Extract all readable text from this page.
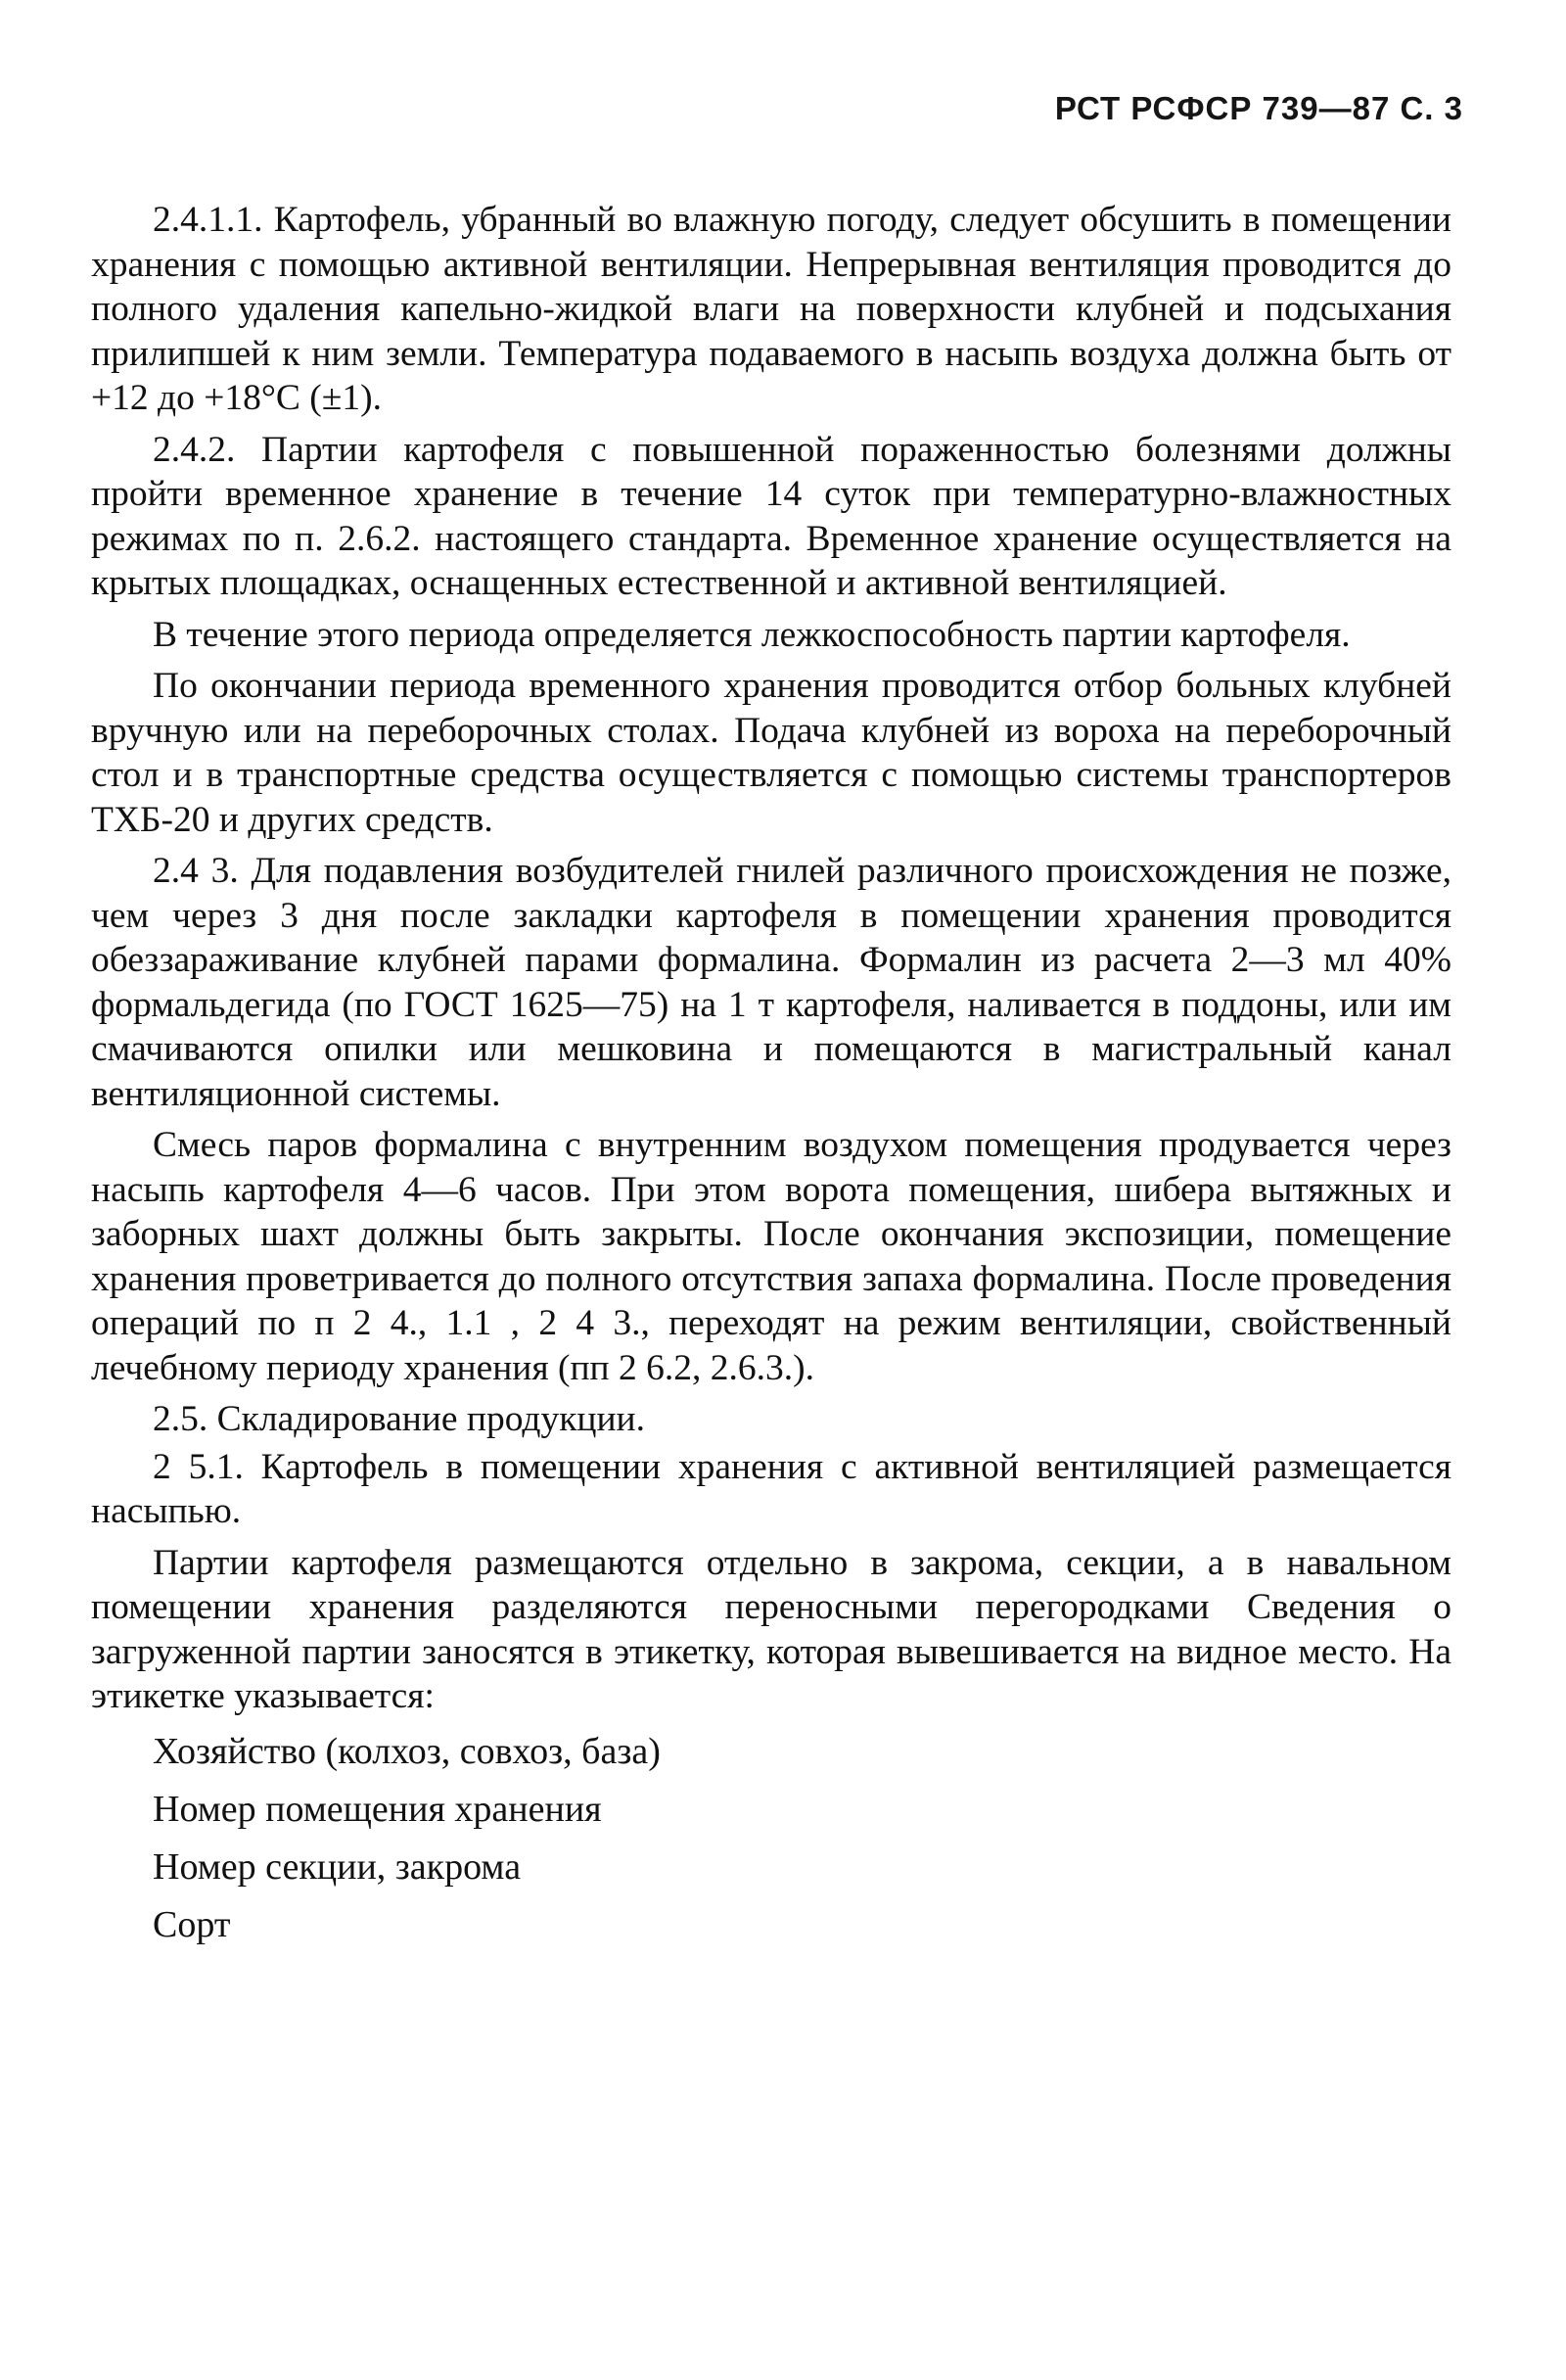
РСТ РСФСР 739—87 С. 3

2.4.1.1. Картофель, убранный во влажную погоду, следует обсушить в помещении хранения с помощью активной вентиляции. Непрерывная вентиляция проводится до полного удаления капельно-жидкой влаги на поверхности клубней и подсыхания прилипшей к ним земли. Температура подаваемого в насыпь воздуха должна быть от +12 до +18°С (±1).

2.4.2. Партии картофеля с повышенной пораженностью болезнями должны пройти временное хранение в течение 14 суток при температурно-влажностных режимах по п. 2.6.2. настоящего стандарта. Временное хранение осуществляется на крытых площадках, оснащенных естественной и активной вентиляцией.

В течение этого периода определяется лежкоспособность партии картофеля.

По окончании периода временного хранения проводится отбор больных клубней вручную или на переборочных столах. Подача клубней из вороха на переборочный стол и в транспортные средства осуществляется с помощью системы транспортеров ТХБ-20 и других средств.

2.4 3. Для подавления возбудителей гнилей различного происхождения не позже, чем через 3 дня после закладки картофеля в помещении хранения проводится обеззараживание клубней парами формалина. Формалин из расчета 2—3 мл 40% формальдегида (по ГОСТ 1625—75) на 1 т картофеля, наливается в поддоны, или им смачиваются опилки или мешковина и помещаются в магистральный канал вентиляционной системы.

Смесь паров формалина с внутренним воздухом помещения продувается через насыпь картофеля 4—6 часов. При этом ворота помещения, шибера вытяжных и заборных шахт должны быть закрыты. После окончания экспозиции, помещение хранения проветривается до полного отсутствия запаха формалина. После проведения операций по п 2 4., 1.1 , 2 4 3., переходят на режим вентиляции, свойственный лечебному периоду хранения (пп 2 6.2, 2.6.3.).

2.5. Складирование продукции.

2 5.1. Картофель в помещении хранения с активной вентиляцией размещается насыпью.

Партии картофеля размещаются отдельно в закрома, секции, а в навальном помещении хранения разделяются переносными перегородками Сведения о загруженной партии заносятся в этикетку, которая вывешивается на видное место. На этикетке указывается:

Хозяйство (колхоз, совхоз, база)
Номер помещения хранения
Номер секции, закрома
Сорт
